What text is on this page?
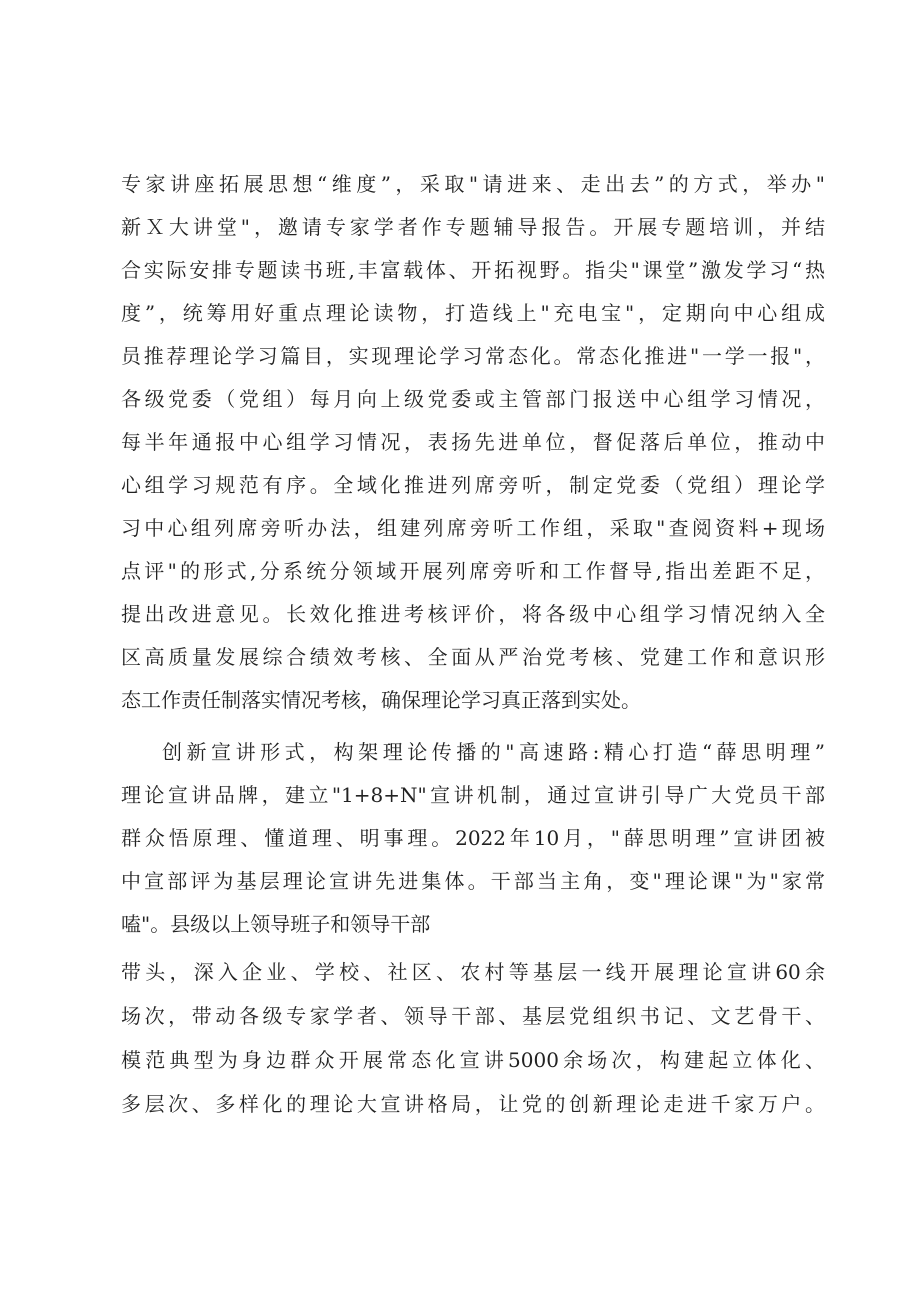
专家讲座拓展思想“维度”，采取"请进来、走出去”的方式，举办"
新Ｘ大讲堂"，邀请专家学者作专题辅导报告。开展专题培训，并结
合实际安排专题读书班,丰富载体、开拓视野。指尖"课堂”激发学习“热
度”，统筹用好重点理论读物，打造线上"充电宝"，定期向中心组成
员推荐理论学习篇目，实现理论学习常态化。常态化推进"一学一报"，
各级党委（党组）每月向上级党委或主管部门报送中心组学习情况，
每半年通报中心组学习情况，表扬先进单位，督促落后单位，推动中
心组学习规范有序。全域化推进列席旁听，制定党委（党组）理论学
习中心组列席旁听办法，组建列席旁听工作组，采取"查阅资料+现场
点评"的形式,分系统分领域开展列席旁听和工作督导,指出差距不足，
提出改进意见。长效化推进考核评价，将各级中心组学习情况纳入全
区高质量发展综合绩效考核、全面从严治党考核、党建工作和意识形
态工作责任制落实情况考核，确保理论学习真正落到实处。
创新宣讲形式，构架理论传播的"高速路:精心打造“薛思明理”
理论宣讲品牌，建立"1+8+N"宣讲机制，通过宣讲引导广大党员干部
群众悟原理、懂道理、明事理。2022年10月，"薛思明理”宣讲团被
中宣部评为基层理论宣讲先进集体。干部当主角，变"理论课"为"家常
嗑"。县级以上领导班子和领导干部
带头，深入企业、学校、社区、农村等基层一线开展理论宣讲60余
场次，带动各级专家学者、领导干部、基层党组织书记、文艺骨干、
模范典型为身边群众开展常态化宣讲5000余场次，构建起立体化、
多层次、多样化的理论大宣讲格局，让党的创新理论走进千家万户。
